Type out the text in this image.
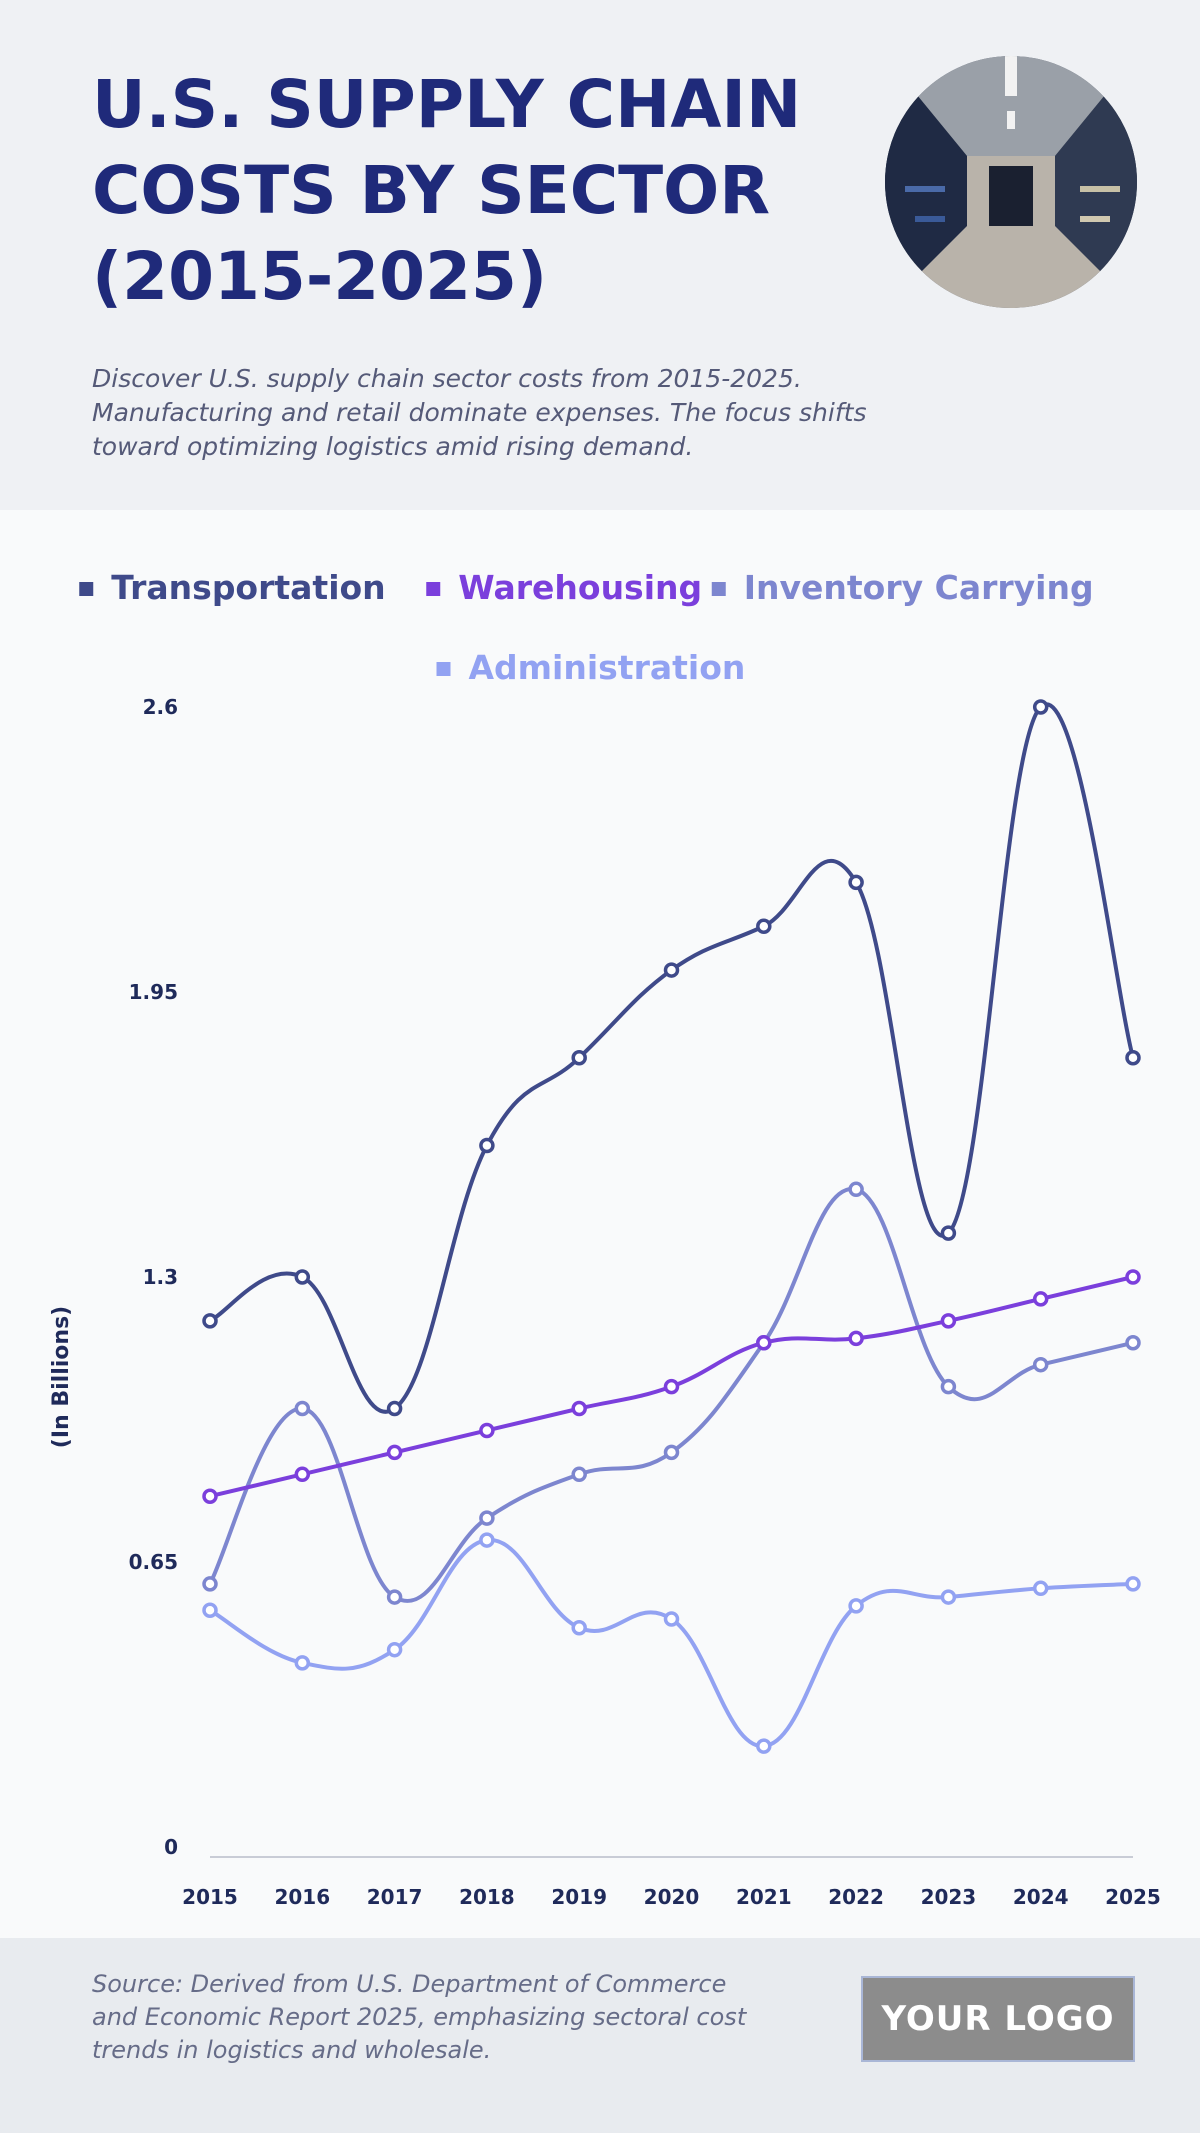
U.S. SUPPLY CHAIN
COSTS BY SECTOR
(2015-2025)

Discover U.S. supply chain sector costs from 2015-2025. Manufacturing and retail dominate expenses. The focus shifts toward optimizing logistics amid rising demand.

Transportation Warehousing Inventory Carrying
Administration
0
0.65
1.3
1.95
2.6
(In Billions)
2015 2016 2017 2018 2019 2020 2021 2022 2023 2024 2025

Source: Derived from U.S. Department of Commerce and Economic Report 2025, emphasizing sectoral cost trends in logistics and wholesale.

YOUR LOGO
